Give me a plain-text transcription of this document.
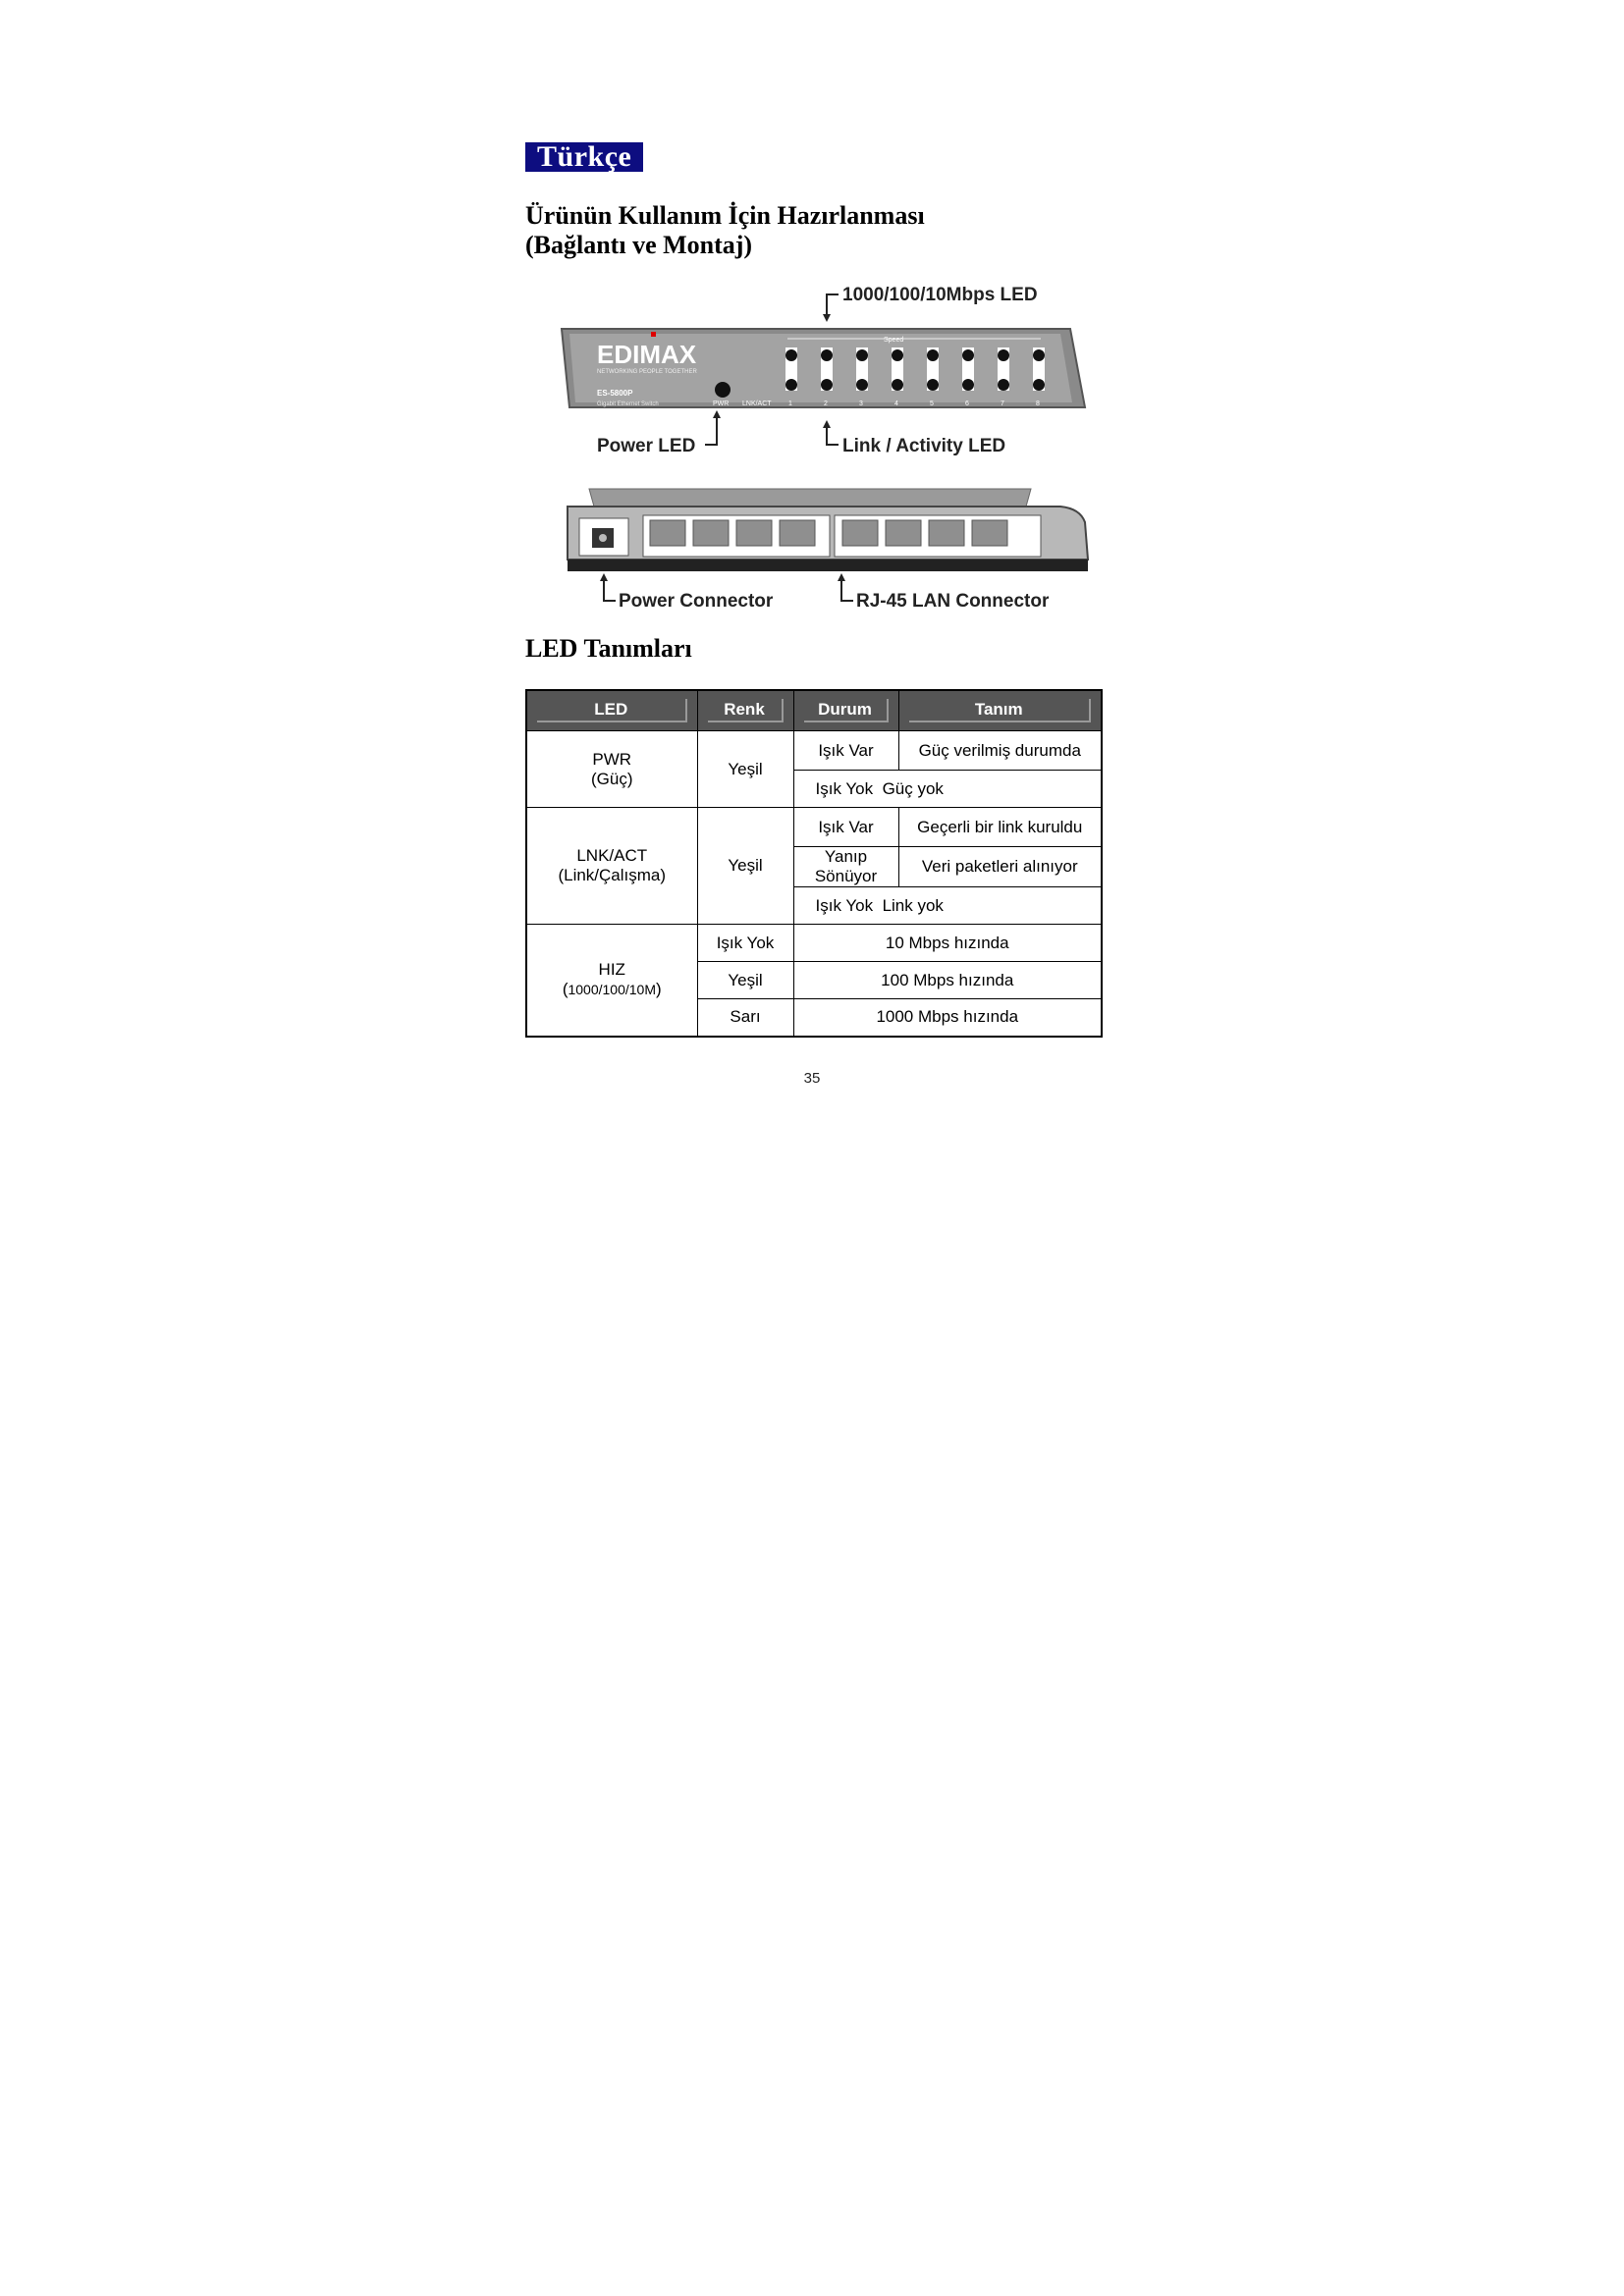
Türkçe
Ürünün Kullanım İçin Hazırlanması
(Bağlantı ve Montaj)
EDIMAX
NETWORKING PEOPLE TOGETHER
ES-5800P
Gigabit Ethernet Switch	PWR LNK/ACT
Speed
1	2	3	4	5	6	7	8
1000/100/10Mbps LED
Power LED	Link / Activity LED
Power Connector	RJ-45 LAN Connector
LED Tanımları
LED	Renk	Durum	Tanım

PWR
(Güç)	Yeşil	Işık Var	Güç verilmiş durumda
		Işık Yok Güç yok	

LNK/ACT
(Link/Çalışma)	Yeşil	Işık Var	Geçerli bir link kuruldu
		Yanıp Sönüyor	Veri paketleri alınıyor
		Işık Yok Link yok	

HIZ
(1000/100/10M)	Işık Yok	10 Mbps hızında	
	Yeşil	100 Mbps hızında	
	Sarı	1000 Mbps hızında	
35
